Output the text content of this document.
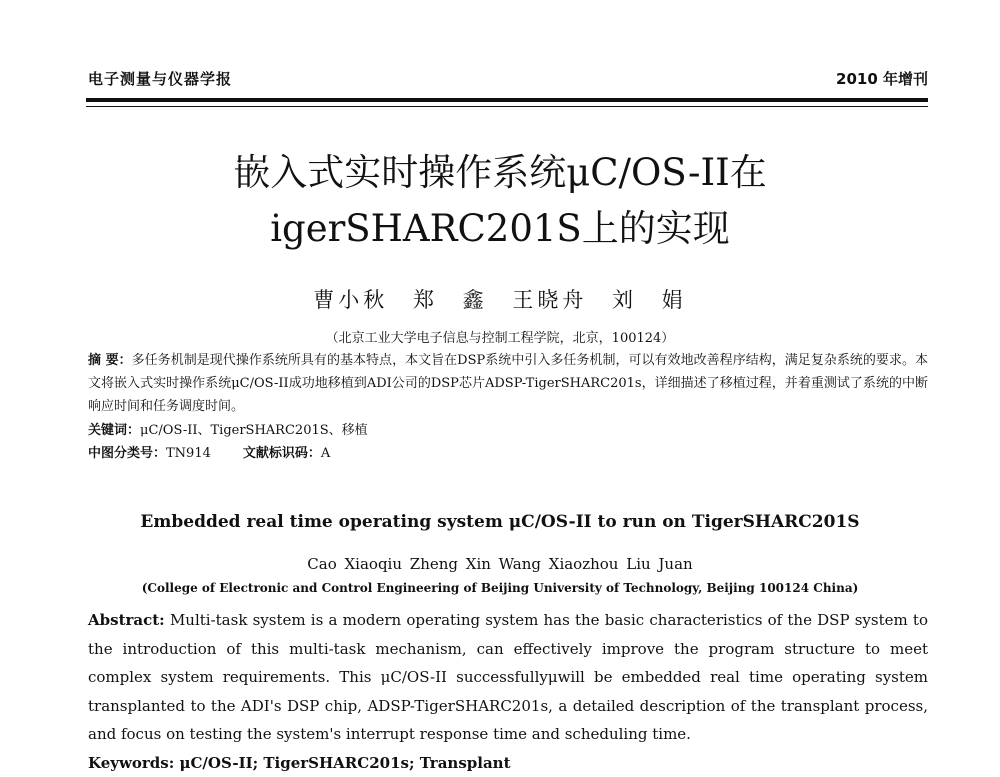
电子测量与仪器学报	2010 年增刊
嵌入式实时操作系统μC/OS-II在
igerSHARC201S上的实现
曹小秋 郑 鑫 王晓舟 刘 娟
（北京工业大学电子信息与控制工程学院，北京，100124）
摘 要：多任务机制是现代操作系统所具有的基本特点，本文旨在DSP系统中引入多任务机制，可以有效地改善程序结构，满足复杂系统的要求。本文将嵌入式实时操作系统μC/OS-II成功地移植到ADI公司的DSP芯片ADSP-TigerSHARC201s，详细描述了移植过程，并着重测试了系统的中断响应时间和任务调度时间。
关键词：μC/OS-II、TigerSHARC201S、移植
中图分类号：TN914 文献标识码：A
Embedded real time operating system μC/OS-II to run on TigerSHARC201S
Cao Xiaoqiu Zheng Xin Wang Xiaozhou Liu Juan
(College of Electronic and Control Engineering of Beijing University of Technology, Beijing 100124 China)
Abstract: Multi-task system is a modern operating system has the basic characteristics of the DSP system to the introduction of this multi-task mechanism, can effectively improve the program structure to meet complex system requirements. This μC/OS-II successfullyμwill be embedded real time operating system transplanted to the ADI's DSP chip, ADSP-TigerSHARC201s, a detailed description of the transplant process, and focus on testing the system's interrupt response time and scheduling time.
Keywords: μC/OS-II; TigerSHARC201s; Transplant
